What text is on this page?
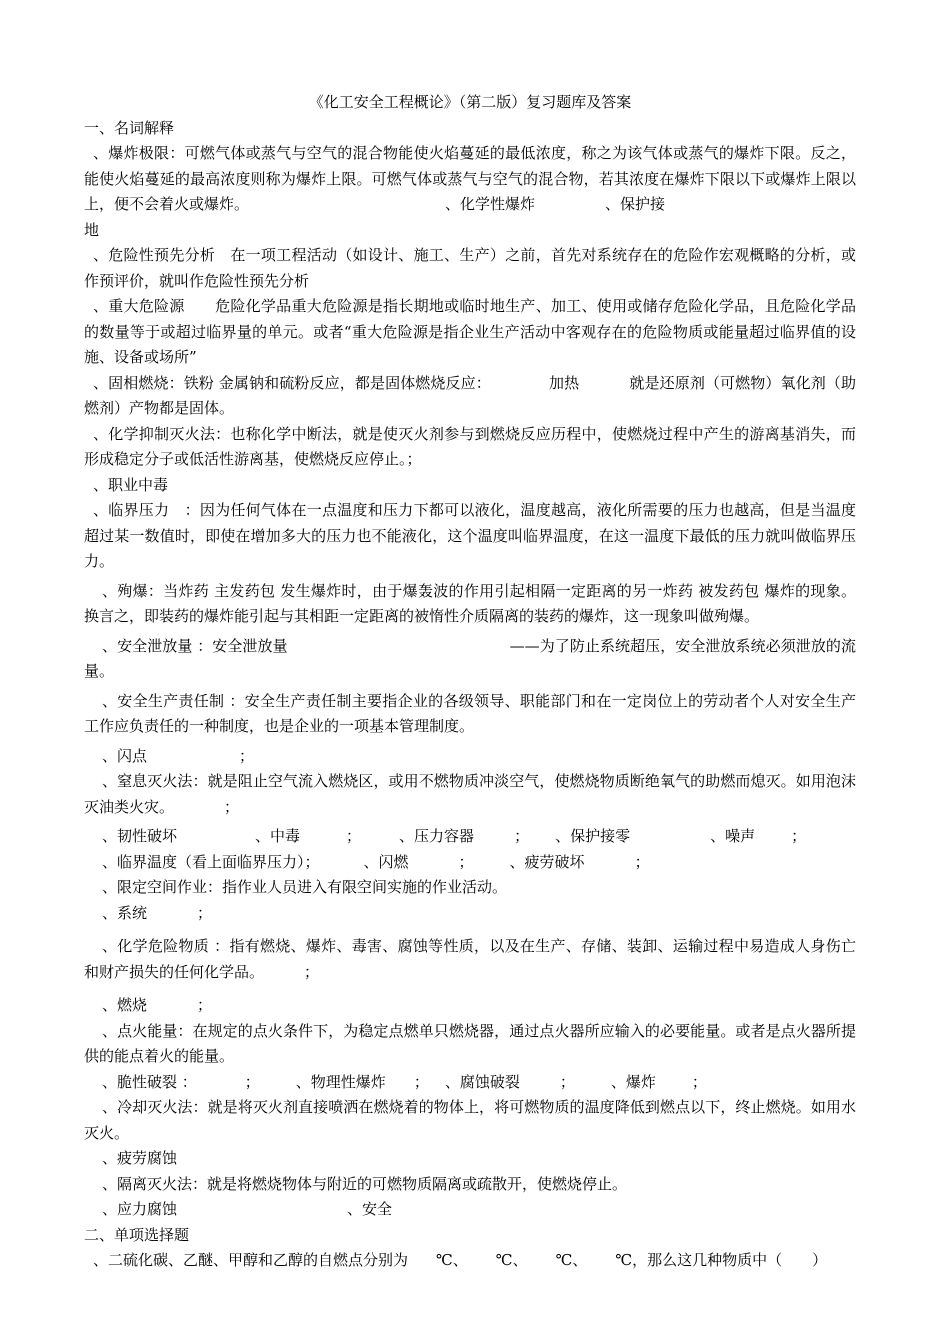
《化工安全工程概论》（第二版）复习题库及答案

一、名词解释

、爆炸极限：可燃气体或蒸气与空气的混合物能使火焰蔓延的最低浓度，称之为该气体或蒸气的爆炸下限。反之，能使火焰蔓延的最高浓度则称为爆炸上限。可燃气体或蒸气与空气的混合物，若其浓度在爆炸下限以下或爆炸上限以上，便不会着火或爆炸。	、化学性爆炸	、保护接

地

、危险性预先分析　在一项工程活动（如设计、施工、生产）之前，首先对系统存在的危险作宏观概略的分析，或作预评价，就叫作危险性预先分析

、重大危险源　　危险化学品重大危险源是指长期地或临时地生产、加工、使用或储存危险化学品，且危险化学品的数量等于或超过临界量的单元。或者“重大危险源是指企业生产活动中客观存在的危险物质或能量超过临界值的设施、设备或场所”

、固相燃烧：铁粉 金属钠和硫粉反应，都是固体燃烧反应：	加热	就是还原剂（可燃物）氧化剂（助燃剂）产物都是固体。

、化学抑制灭火法：也称化学中断法，就是使灭火剂参与到燃烧反应历程中，使燃烧过程中产生的游离基消失，而形成稳定分子或低活性游离基，使燃烧反应停止。；

、职业中毒

、临界压力　：因为任何气体在一点温度和压力下都可以液化，温度越高，液化所需要的压力也越高，但是当温度超过某一数值时，即使在增加多大的压力也不能液化，这个温度叫临界温度，在这一温度下最低的压力就叫做临界压力。

、殉爆：当炸药 主发药包 发生爆炸时，由于爆轰波的作用引起相隔一定距离的另一炸药 被发药包 爆炸的现象。换言之，即装药的爆炸能引起与其相距一定距离的被惰性介质隔离的装药的爆炸，这一现象叫做殉爆。

、安全泄放量 ：安全泄放量	——为了防止系统超压，安全泄放系统必须泄放的流量。

、安全生产责任制 ：安全生产责任制主要指企业的各级领导、职能部门和在一定岗位上的劳动者个人对安全生产工作应负责任的一种制度，也是企业的一项基本管理制度。

、闪点	；

、窒息灭火法：就是阻止空气流入燃烧区，或用不燃物质冲淡空气，使燃烧物质断绝氧气的助燃而熄灭。如用泡沫灭油类火灾。	；

、韧性破坏	、中毒	；	、压力容器	； 、保护接零	、噪声 ；

、临界温度（看上面临界压力）；	、闪燃	； 、疲劳破坏	；

、限定空间作业：指作业人员进入有限空间实施的作业活动。

、系统	；

、化学危险物质 ：指有燃烧、爆炸、毒害、腐蚀等性质，以及在生产、存储、装卸、运输过程中易造成人身伤亡和财产损失的任何化学品。	；

、燃烧	；

、点火能量：在规定的点火条件下，为稳定点燃单只燃烧器，通过点火器所应输入的必要能量。或者是点火器所提供的能点着火的能量。

、脆性破裂 ：	； 、物理性爆炸 ； 、腐蚀破裂	； 、爆炸 ；

、冷却灭火法：就是将灭火剂直接喷洒在燃烧着的物体上，将可燃物质的温度降低到燃点以下，终止燃烧。如用水灭火。

、疲劳腐蚀

、隔离灭火法：就是将燃烧物体与附近的可燃物质隔离或疏散开，使燃烧停止。

、应力腐蚀	、安全

二、单项选择题

、二硫化碳、乙醚、甲醇和乙醇的自燃点分别为 ℃、 ℃、 ℃、 ℃，那么这几种物质中（　　）
